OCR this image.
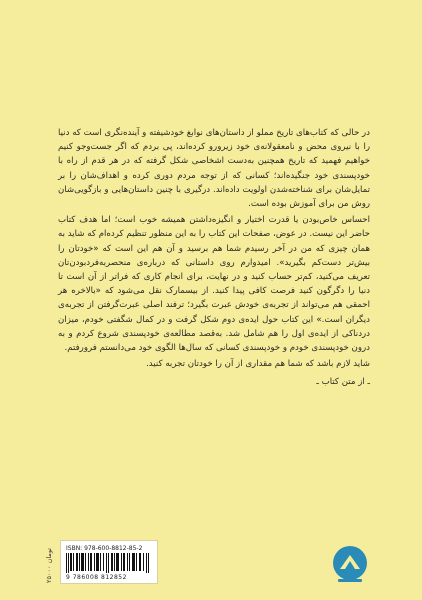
در حالی که کتاب‌های تاریخ مملو از داستان‌های نوابغ خودشیفته و آینده‌نگری است که دنیا را با نیروی محض و نامعقولانه‌ی خود زیرورو کرده‌اند، پی بردم که اگر جست‌وجو کنیم خواهیم فهمید که تاریخ همچنین به‌دست اشخاصی شکل گرفته که در هر قدم از راه با خودپسندی خود جنگیده‌اند؛ کسانی که از توجه مردم دوری کرده و اهداف‌شان را بر تمایل‌شان برای شناخته‌شدن اولویت داده‌اند. درگیری با چنین داستان‌هایی و بازگویی‌شان روش من برای آموزش بوده است.

احساس خاص‌بودن یا قدرت اختیار و انگیزه‌داشتن همیشه خوب است؛ اما هدف کتاب حاضر این نیست. در عوض، صفحات این کتاب را به این منظور تنظیم کرده‌ام که شاید به همان چیزی که من در آخر رسیدم شما هم برسید و آن هم این است که «خودتان را بیش‌تر دست‌کم بگیرید». امیدوارم روی داستانی که درباره‌ی منحصربه‌فردبودن‌تان تعریف می‌کنید، کم‌تر حساب کنید و در نهایت، برای انجام کاری که فراتر از آن است تا دنیا را دگرگون کنید فرصت کافی پیدا کنید. از بیسمارک نقل می‌شود که «بالاخره هر احمقی هم می‌تواند از تجربه‌ی خودش عبرت بگیرد؛ ترفند اصلی عبرت‌گرفتن از تجربه‌ی دیگران است.» این کتاب حول ایده‌ی دوم شکل گرفت و در کمال شگفتی خودم، میزان دردناکی از ایده‌ی اول را هم شامل شد. به‌قصد مطالعه‌ی خودپسندی شروع کردم و به درون خودپسندی خودم و خودپسندی کسانی که سال‌ها الگوی خود می‌دانستم فرورفتم.

شاید لازم باشد که شما هم مقداری از آن را خودتان تجربه کنید.

ـ از متن کتاب ـ

۲۵۰۰۰ تومان	ISBN: 978-600-8812-85-2
9 786008 812852
